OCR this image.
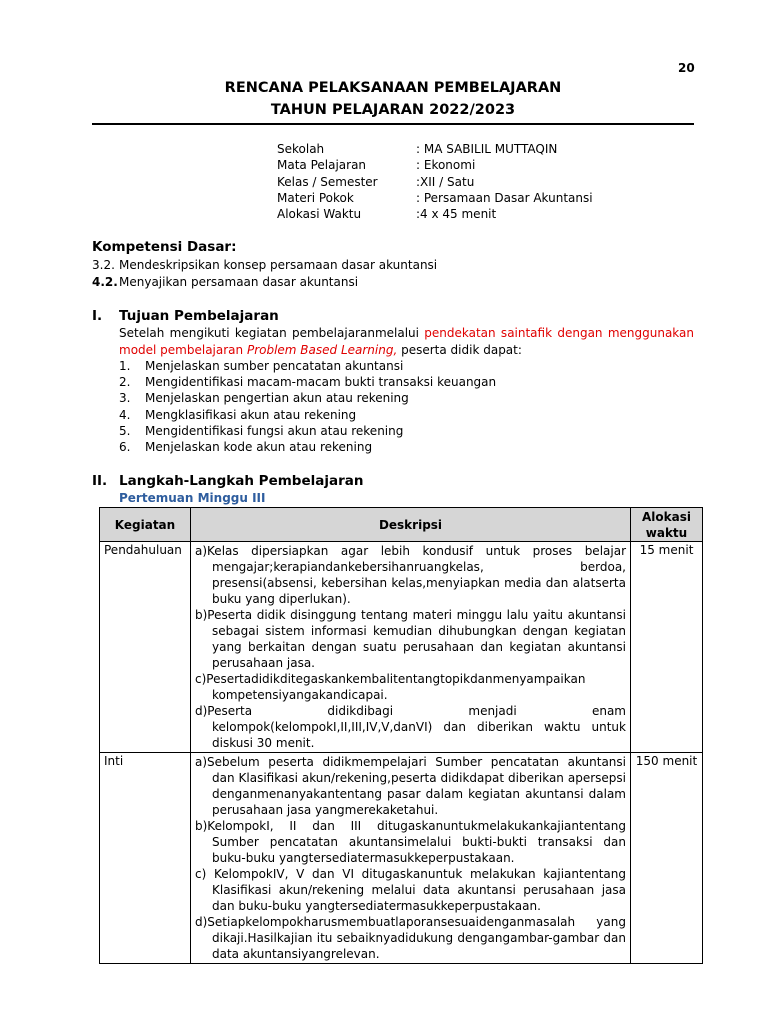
20
RENCANA PELAKSANAAN PEMBELAJARAN
TAHUN PELAJARAN 2022/2023
Sekolah	: MA SABILIL MUTTAQIN
Mata Pelajaran	: Ekonomi
Kelas / Semester	:XII / Satu
Materi Pokok	: Persamaan Dasar Akuntansi
Alokasi Waktu	:4 x 45 menit
Kompetensi Dasar:
3.2. Mendeskripsikan konsep persamaan dasar akuntansi
4.2.Menyajikan persamaan dasar akuntansi
I. Tujuan Pembelajaran
Setelah mengikuti kegiatan pembelajaranmelalui pendekatan saintafik dengan menggunakan model pembelajaran Problem Based Learning, peserta didik dapat:
1. Menjelaskan sumber pencatatan akuntansi
2. Mengidentifikasi macam-macam bukti transaksi keuangan
3. Menjelaskan pengertian akun atau rekening
4. Mengklasifikasi akun atau rekening
5. Mengidentifikasi fungsi akun atau rekening
6. Menjelaskan kode akun atau rekening
II. Langkah-Langkah Pembelajaran
Pertemuan Minggu III
Kegiatan	Deskripsi	Alokasi waktu
Pendahuluan	a)Kelas dipersiapkan agar lebih kondusif untuk proses belajar mengajar;kerapiandankebersihanruangkelas, berdoa, presensi(absensi, kebersihan kelas,menyiapkan media dan alatserta buku yang diperlukan).
b)Peserta didik disinggung tentang materi minggu lalu yaitu akuntansi sebagai sistem informasi kemudian dihubungkan dengan kegiatan yang berkaitan dengan suatu perusahaan dan kegiatan akuntansi perusahaan jasa.
c)Pesertadidikditegaskankembalitentangtopikdanmenyampaikan kompetensiyangakandicapai.
d)Peserta didikdibagi menjadi enam kelompok(kelompokI,II,III,IV,V,danVI) dan diberikan waktu untuk diskusi 30 menit.	15 menit
Inti	a)Sebelum peserta didikmempelajari Sumber pencatatan akuntansi dan Klasifikasi akun/rekening,peserta didikdapat diberikan apersepsi denganmenanyakantentang pasar dalam kegiatan akuntansi dalam perusahaan jasa yangmerekaketahui.
b)KelompokI, II dan III ditugaskanuntukmelakukankajiantentang Sumber pencatatan akuntansimelalui bukti-bukti transaksi dan buku-buku yangtersediatermasukkeperpustakaan.
c) KelompokIV, V dan VI ditugaskanuntuk melakukan kajiantentang Klasifikasi akun/rekening melalui data akuntansi perusahaan jasa dan buku-buku yangtersediatermasukkeperpustakaan.
d)Setiapkelompokharusmembuatlaporansesuaidenganmasalah yang dikaji.Hasilkajian itu sebaiknyadidukung dengangambar-gambar dan data akuntansiyangrelevan.	150 menit
